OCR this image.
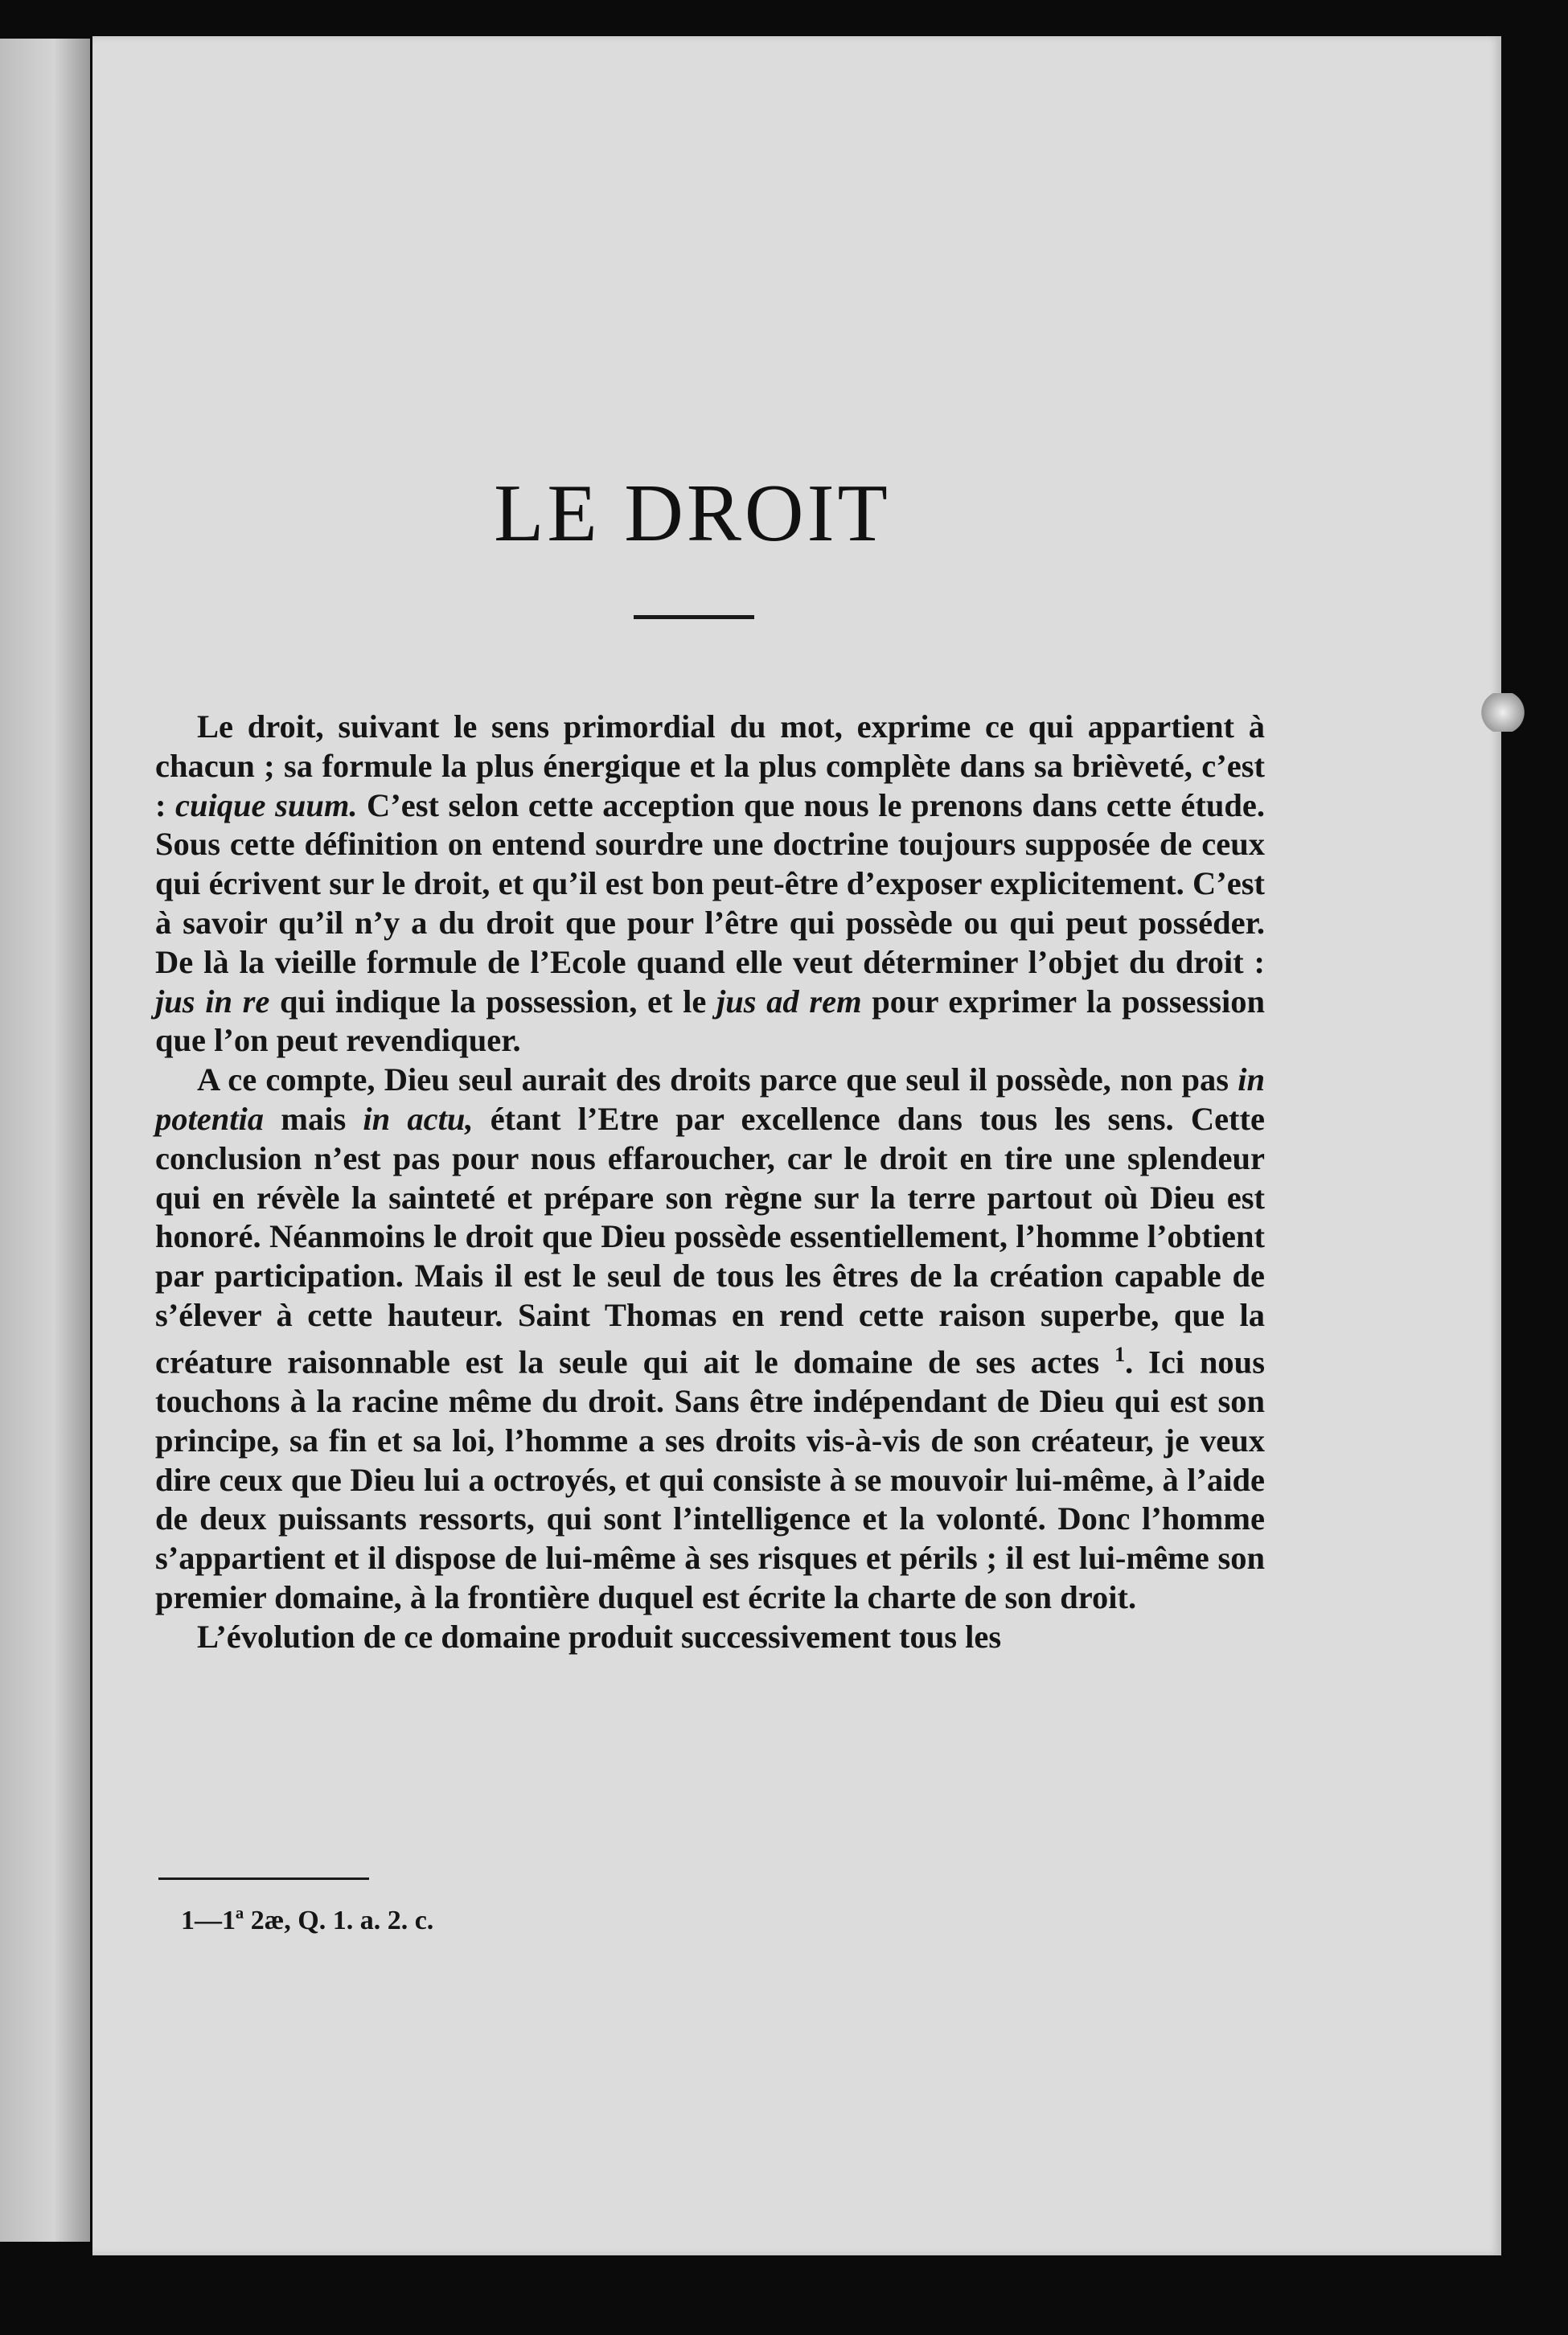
LE DROIT

Le droit, suivant le sens primordial du mot, exprime ce qui appartient à chacun ; sa formule la plus énergique et la plus complète dans sa brièveté, c’est : cuique suum. C’est selon cette acception que nous le prenons dans cette étude. Sous cette définition on entend sourdre une doctrine toujours supposée de ceux qui écrivent sur le droit, et qu’il est bon peut-être d’exposer explicitement. C’est à savoir qu’il n’y a du droit que pour l’être qui possède ou qui peut posséder. De là la vieille formule de l’Ecole quand elle veut déterminer l’objet du droit : jus in re qui indique la possession, et le jus ad rem pour exprimer la possession que l’on peut revendiquer.

A ce compte, Dieu seul aurait des droits parce que seul il possède, non pas in potentia mais in actu, étant l’Etre par excellence dans tous les sens. Cette conclusion n’est pas pour nous effaroucher, car le droit en tire une splendeur qui en révèle la sainteté et prépare son règne sur la terre partout où Dieu est honoré. Néanmoins le droit que Dieu possède essentiellement, l’homme l’obtient par participation. Mais il est le seul de tous les êtres de la création capable de s’élever à cette hauteur. Saint Thomas en rend cette raison superbe, que la créature raisonnable est la seule qui ait le domaine de ses actes $^1$. Ici nous touchons à la racine même du droit. Sans être indépendant de Dieu qui est son principe, sa fin et sa loi, l’homme a ses droits vis-à-vis de son créateur, je veux dire ceux que Dieu lui a octroyés, et qui consiste à se mouvoir lui-même, à l’aide de deux puissants ressorts, qui sont l’intelligence et la volonté. Donc l’homme s’appartient et il dispose de lui-même à ses risques et périls ; il est lui-même son premier domaine, à la frontière duquel est écrite la charte de son droit.

L’évolution de ce domaine produit successivement tous les

1—1ª 2æ, Q. 1. a. 2. c.
